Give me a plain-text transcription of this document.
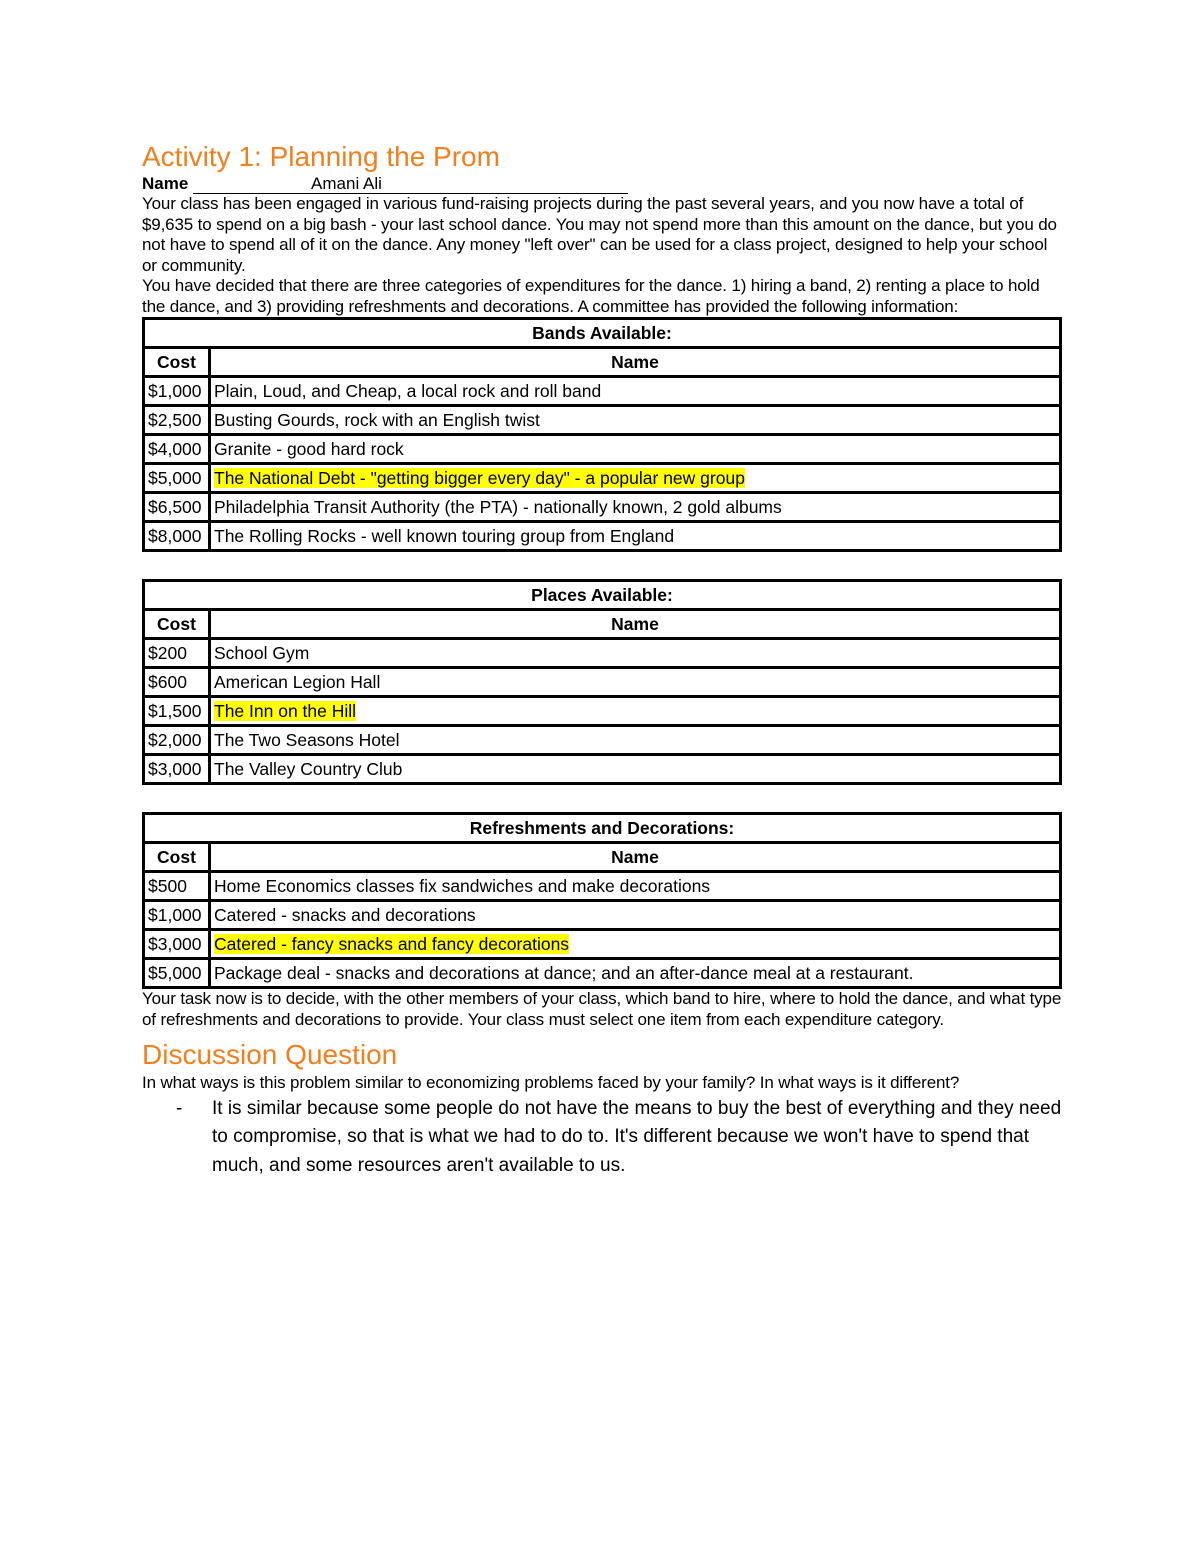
Activity 1: Planning the Prom
Name	Amani Ali

Your class has been engaged in various fund-raising projects during the past several years, and you now have a total of $9,635 to spend on a big bash - your last school dance. You may not spend more than this amount on the dance, but you do not have to spend all of it on the dance. Any money "left over" can be used for a class project, designed to help your school or community.

You have decided that there are three categories of expenditures for the dance. 1) hiring a band, 2) renting a place to hold the dance, and 3) providing refreshments and decorations. A committee has provided the following information:

Bands Available:	
Cost	Name
$1,000	Plain, Loud, and Cheap, a local rock and roll band
$2,500	Busting Gourds, rock with an English twist
$4,000	Granite - good hard rock
$5,000	The National Debt - "getting bigger every day" - a popular new group
$6,500	Philadelphia Transit Authority (the PTA) - nationally known, 2 gold albums
$8,000	The Rolling Rocks - well known touring group from England
Places Available:	
Cost	Name
$200	School Gym
$600	American Legion Hall
$1,500	The Inn on the Hill
$2,000	The Two Seasons Hotel
$3,000	The Valley Country Club
Refreshments and Decorations:	
Cost	Name
$500	Home Economics classes fix sandwiches and make decorations
$1,000	Catered - snacks and decorations
$3,000	Catered - fancy snacks and fancy decorations
$5,000	Package deal - snacks and decorations at dance; and an after-dance meal at a restaurant.

Your task now is to decide, with the other members of your class, which band to hire, where to hold the dance, and what type of refreshments and decorations to provide. Your class must select one item from each expenditure category.

Discussion Question

In what ways is this problem similar to economizing problems faced by your family? In what ways is it different?

- It is similar because some people do not have the means to buy the best of everything and they need to compromise, so that is what we had to do to. It's different because we won't have to spend that much, and some resources aren't available to us.
